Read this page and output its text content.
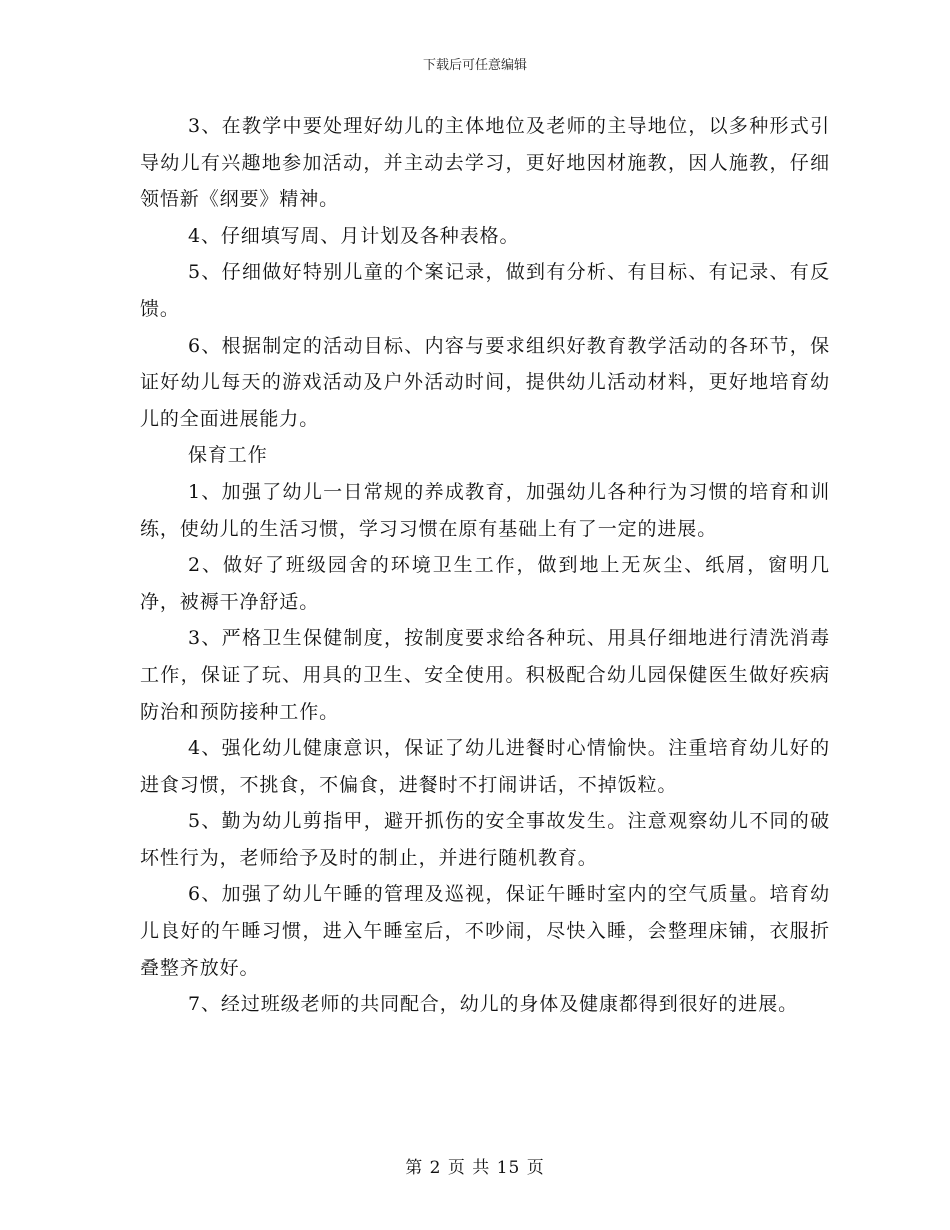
下载后可任意编辑

3、在教学中要处理好幼儿的主体地位及老师的主导地位，以多种形式引导幼儿有兴趣地参加活动，并主动去学习，更好地因材施教，因人施教，仔细领悟新《纲要》精神。

4、仔细填写周、月计划及各种表格。

5、仔细做好特别儿童的个案记录，做到有分析、有目标、有记录、有反馈。

6、根据制定的活动目标、内容与要求组织好教育教学活动的各环节，保证好幼儿每天的游戏活动及户外活动时间，提供幼儿活动材料，更好地培育幼儿的全面进展能力。

保育工作

1、加强了幼儿一日常规的养成教育，加强幼儿各种行为习惯的培育和训练，使幼儿的生活习惯，学习习惯在原有基础上有了一定的进展。

2、做好了班级园舍的环境卫生工作，做到地上无灰尘、纸屑，窗明几净，被褥干净舒适。

3、严格卫生保健制度，按制度要求给各种玩、用具仔细地进行清洗消毒工作，保证了玩、用具的卫生、安全使用。积极配合幼儿园保健医生做好疾病防治和预防接种工作。

4、强化幼儿健康意识，保证了幼儿进餐时心情愉快。注重培育幼儿好的进食习惯，不挑食，不偏食，进餐时不打闹讲话，不掉饭粒。

5、勤为幼儿剪指甲，避开抓伤的安全事故发生。注意观察幼儿不同的破坏性行为，老师给予及时的制止，并进行随机教育。

6、加强了幼儿午睡的管理及巡视，保证午睡时室内的空气质量。培育幼儿良好的午睡习惯，进入午睡室后，不吵闹，尽快入睡，会整理床铺，衣服折叠整齐放好。

7、经过班级老师的共同配合，幼儿的身体及健康都得到很好的进展。

第 2 页 共 15 页
